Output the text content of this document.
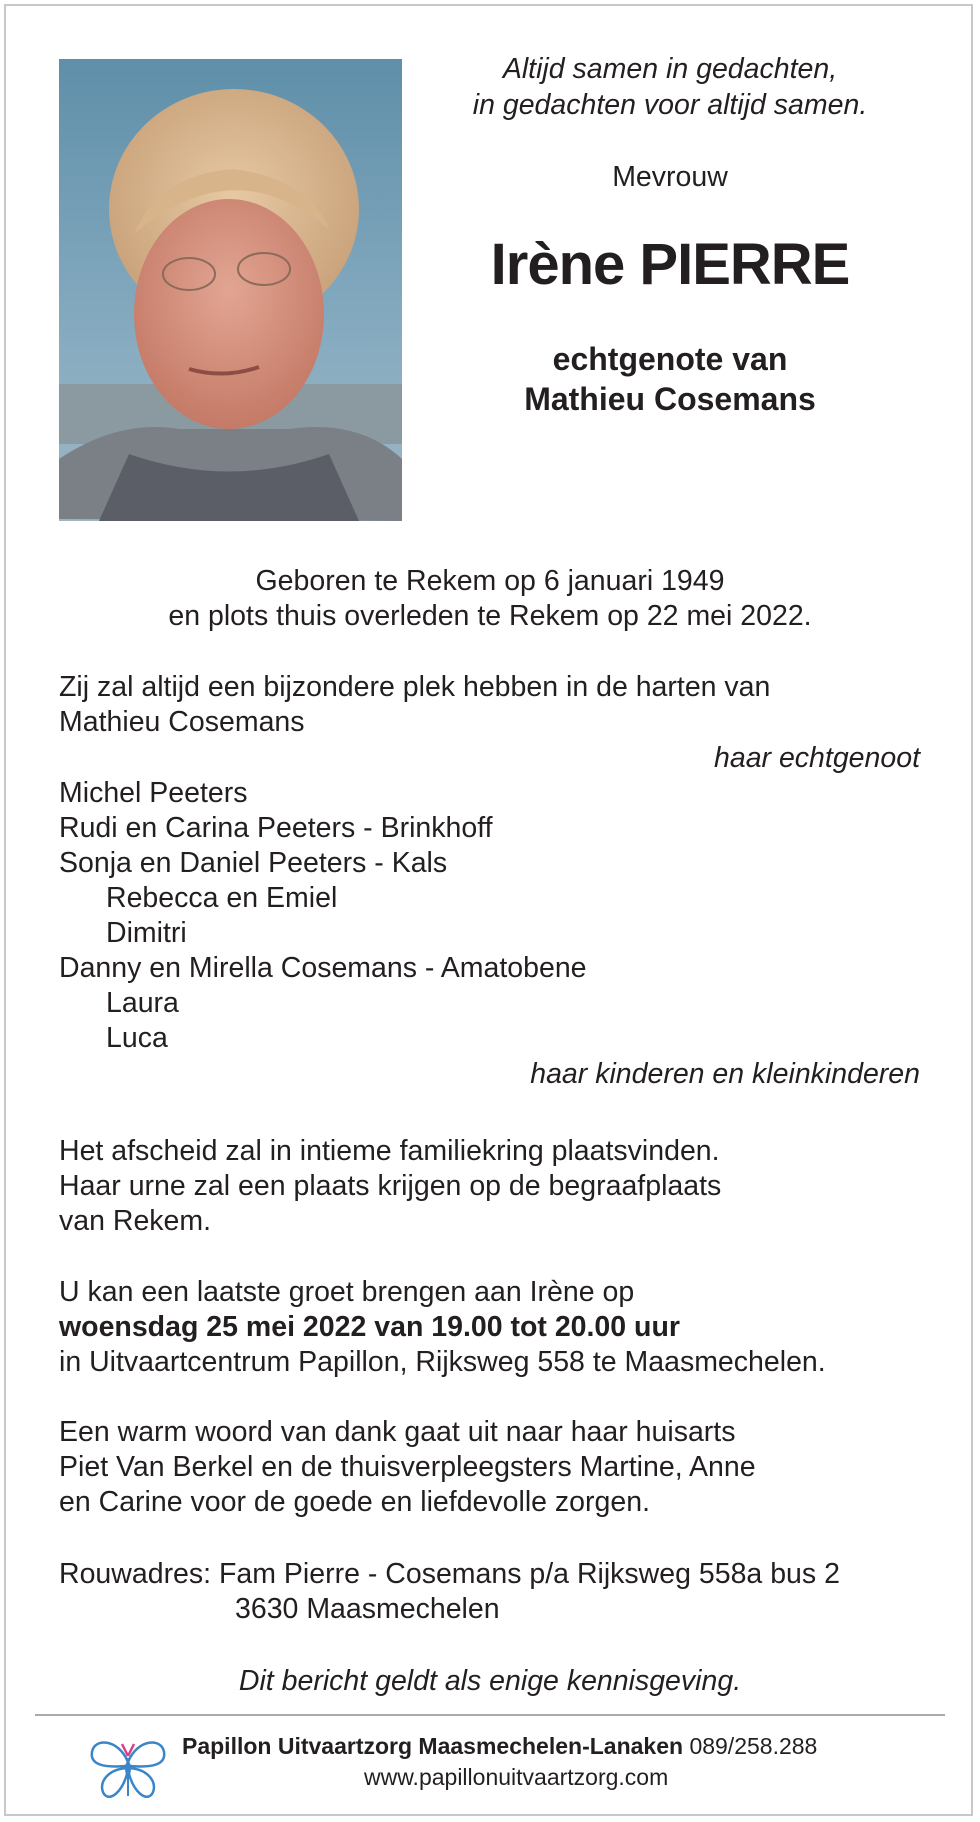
Altijd samen in gedachten,
in gedachten voor altijd samen.
Mevrouw
Irène PIERRE
echtgenote van
Mathieu Cosemans
Geboren te Rekem op 6 januari 1949
en plots thuis overleden te Rekem op 22 mei 2022.
Zij zal altijd een bijzondere plek hebben in de harten van
Mathieu Cosemans
haar echtgenoot
Michel Peeters
Rudi en Carina Peeters - Brinkhoff
Sonja en Daniel Peeters - Kals
Rebecca en Emiel
Dimitri
Danny en Mirella Cosemans - Amatobene
Laura
Luca
haar kinderen en kleinkinderen
Het afscheid zal in intieme familiekring plaatsvinden.
Haar urne zal een plaats krijgen op de begraafplaats
van Rekem.
U kan een laatste groet brengen aan Irène op
woensdag 25 mei 2022 van 19.00 tot 20.00 uur
in Uitvaartcentrum Papillon, Rijksweg 558 te Maasmechelen.
Een warm woord van dank gaat uit naar haar huisarts
Piet Van Berkel en de thuisverpleegsters Martine, Anne
en Carine voor de goede en liefdevolle zorgen.
Rouwadres: Fam Pierre - Cosemans p/a Rijksweg 558a bus 2
3630 Maasmechelen
Dit bericht geldt als enige kennisgeving.
Papillon Uitvaartzorg Maasmechelen-Lanaken 089/258.288
www.papillonuitvaartzorg.com
